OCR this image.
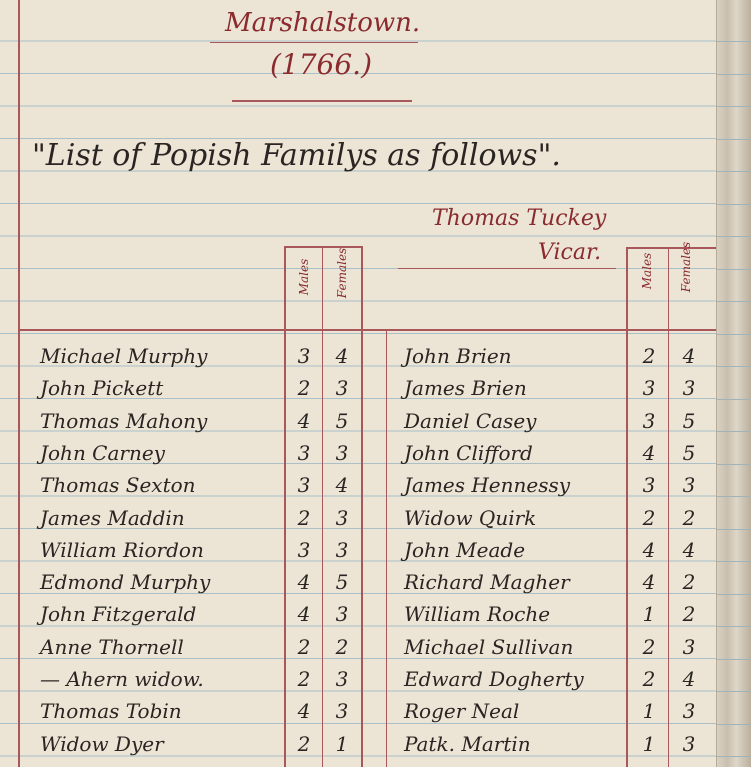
Marshalstown.
(1766.)
"List of Popish Familys as follows".
Thomas Tuckey
Vicar.
Males Females	Males Females
Michael Murphy	3	4
John Pickett	2	3
Thomas Mahony	4	5
John Carney	3	3
Thomas Sexton	3	4
James Maddin	2	3
William Riordon	3	3
Edmond Murphy	4	5
John Fitzgerald	4	3
Anne Thornell	2	2
— Ahern widow.	2	3
Thomas Tobin	4	3
Widow Dyer	2	1
John Brien	2	4
James Brien	3	3
Daniel Casey	3	5
John Clifford	4	5
James Hennessy	3	3
Widow Quirk	2	2
John Meade	4	4
Richard Magher	4	2
William Roche	1	2
Michael Sullivan	2	3
Edward Dogherty	2	4
Roger Neal	1	3
Patk. Martin	1	3
